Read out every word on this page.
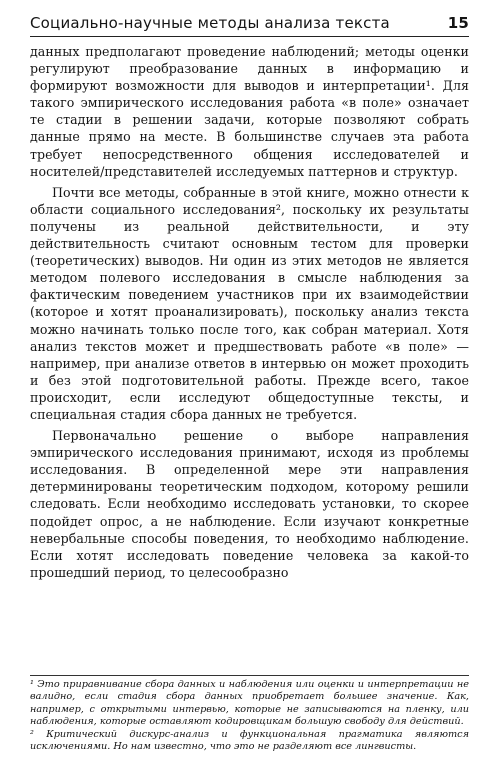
Социально-научные методы анализа текста	15

данных предполагают проведение наблюдений; методы оценки регулируют преобразование данных в информацию и формируют возможности для выводов и интерпретации¹. Для такого эмпирического исследования работа «в поле» означает те стадии в решении задачи, которые позволяют собрать данные прямо на месте. В большинстве случаев эта работа требует непосредственного общения исследователей и носителей/представителей исследуемых паттернов и структур.

Почти все методы, собранные в этой книге, можно отнести к области социального исследования², поскольку их результаты получены из реальной действительности, и эту действительность считают основным тестом для проверки (теоретических) выводов. Ни один из этих методов не является методом полевого исследования в смысле наблюдения за фактическим поведением участников при их взаимодействии (которое и хотят проанализировать), поскольку анализ текста можно начинать только после того, как собран материал. Хотя анализ текстов может и предшествовать работе «в поле» — например, при анализе ответов в интервью он может проходить и без этой подготовительной работы. Прежде всего, такое происходит, если исследуют общедоступные тексты, и специальная стадия сбора данных не требуется.

Первоначально решение о выборе направления эмпирического исследования принимают, исходя из проблемы исследования. В определенной мере эти направления детерминированы теоретическим подходом, которому решили следовать. Если необходимо исследовать установки, то скорее подойдет опрос, а не наблюдение. Если изучают конкретные невербальные способы поведения, то необходимо наблюдение. Если хотят исследовать поведение человека за какой-то прошедший период, то целесообразно

¹ Это приравнивание сбора данных и наблюдения или оценки и интерпретации не валидно, если стадия сбора данных приобретает большее значение. Как, например, с открытыми интервью, которые не записываются на пленку, или наблюдения, которые оставляют кодировщикам большую свободу для действий.

² Критический дискурс-анализ и функциональная прагматика являются исключениями. Но нам известно, что это не разделяют все лингвисты.
